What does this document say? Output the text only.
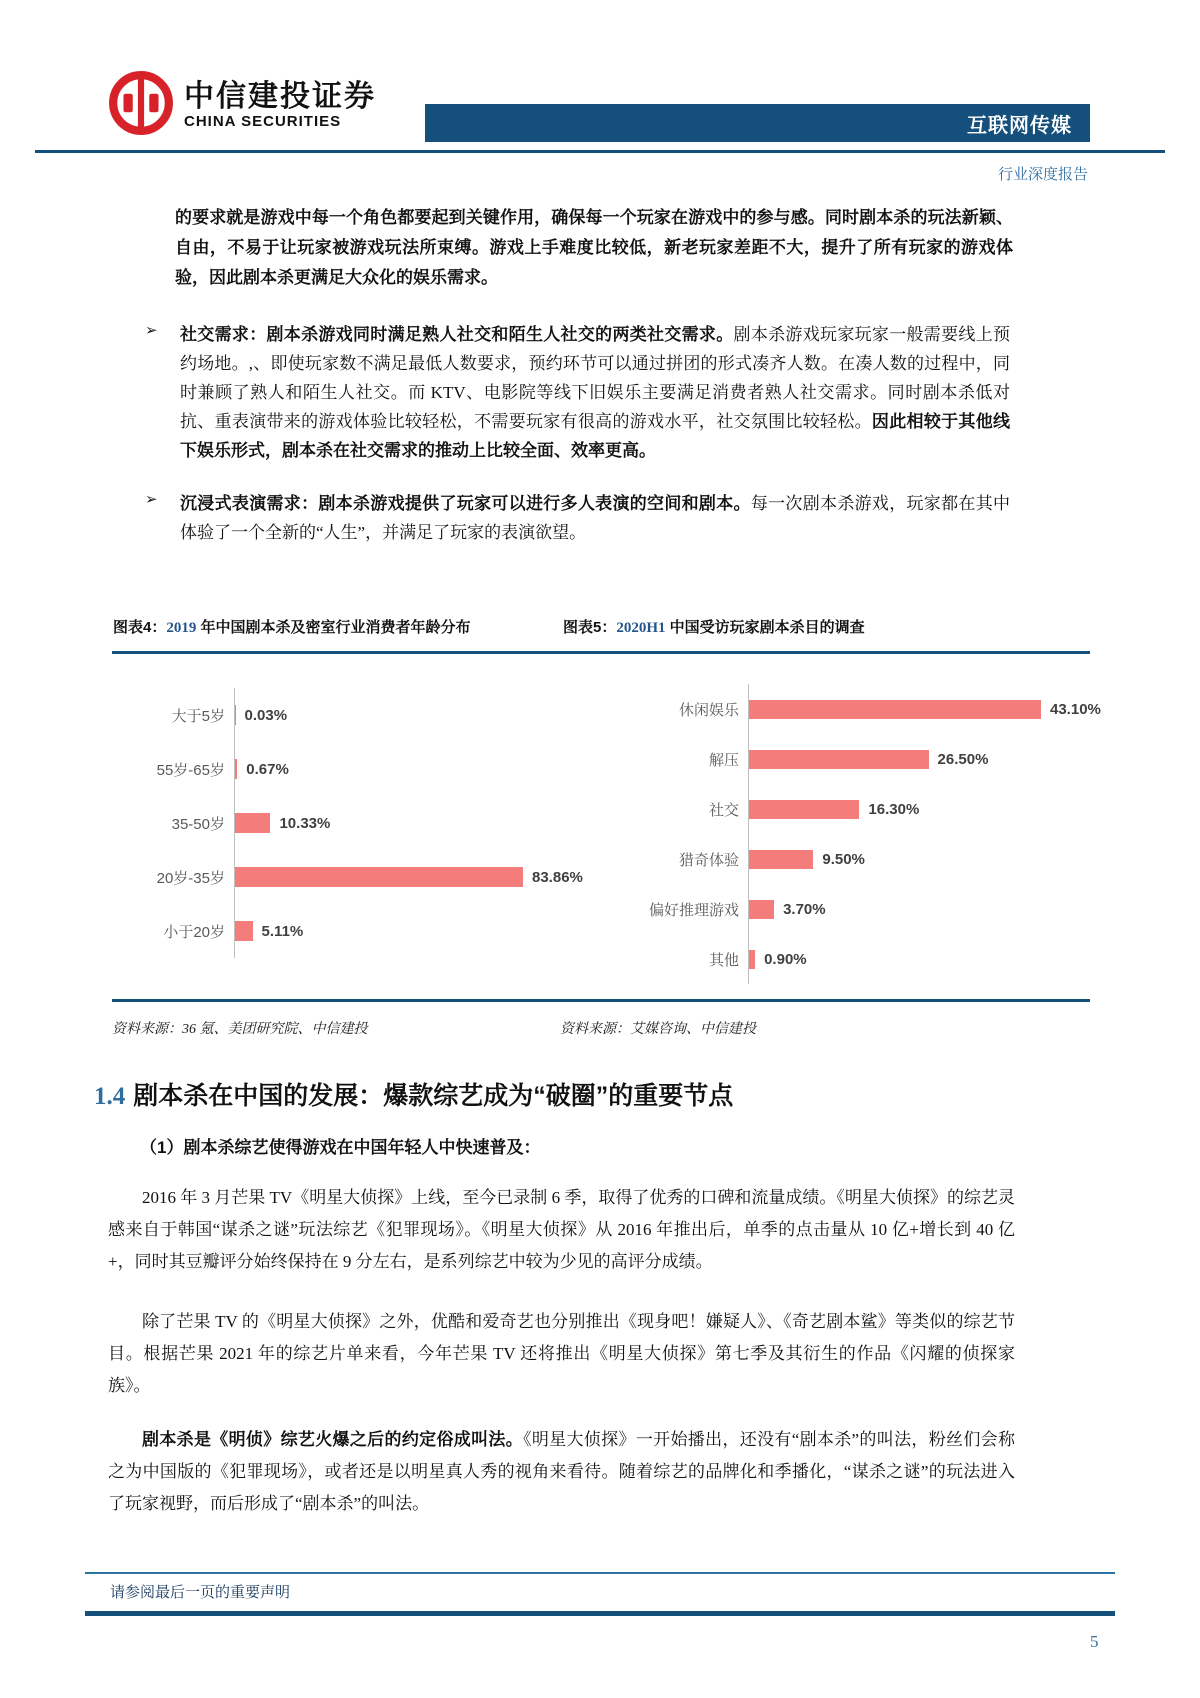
中信建投证券
CHINA SECURITIES	互联网传媒
行业深度报告
的要求就是游戏中每一个角色都要起到关键作用，确保每一个玩家在游戏中的参与感。同时剧本杀的玩法新颖、自由，不易于让玩家被游戏玩法所束缚。游戏上手难度比较低，新老玩家差距不大，提升了所有玩家的游戏体验，因此剧本杀更满足大众化的娱乐需求。
➢	社交需求：剧本杀游戏同时满足熟人社交和陌生人社交的两类社交需求。剧本杀游戏玩家玩家一般需要线上预约场地。,、即使玩家数不满足最低人数要求，预约环节可以通过拼团的形式凑齐人数。在凑人数的过程中，同时兼顾了熟人和陌生人社交。而 KTV、电影院等线下旧娱乐主要满足消费者熟人社交需求。同时剧本杀低对抗、重表演带来的游戏体验比较轻松，不需要玩家有很高的游戏水平，社交氛围比较轻松。因此相较于其他线下娱乐形式，剧本杀在社交需求的推动上比较全面、效率更高。
➢	沉浸式表演需求：剧本杀游戏提供了玩家可以进行多人表演的空间和剧本。每一次剧本杀游戏，玩家都在其中体验了一个全新的“人生”，并满足了玩家的表演欲望。
图表4：2019 年中国剧本杀及密室行业消费者年龄分布	图表5：2020H1 中国受访玩家剧本杀目的调查
大于5岁	0.03%
55岁-65岁	0.67%
35-50岁	10.33%
20岁-35岁	83.86%
小于20岁	5.11%
休闲娱乐	43.10%
解压	26.50%
社交	16.30%
猎奇体验	9.50%
偏好推理游戏	3.70%
其他	0.90%
资料来源：36 氪、美团研究院、中信建投	资料来源：艾媒咨询、中信建投
1.4 剧本杀在中国的发展：爆款综艺成为“破圈”的重要节点
（1）剧本杀综艺使得游戏在中国年轻人中快速普及：
2016 年 3 月芒果 TV《明星大侦探》上线，至今已录制 6 季，取得了优秀的口碑和流量成绩。《明星大侦探》的综艺灵感来自于韩国“谋杀之谜”玩法综艺《犯罪现场》。《明星大侦探》从 2016 年推出后，单季的点击量从 10 亿+增长到 40 亿+，同时其豆瓣评分始终保持在 9 分左右，是系列综艺中较为少见的高评分成绩。
除了芒果 TV 的《明星大侦探》之外，优酷和爱奇艺也分别推出《现身吧！嫌疑人》、《奇艺剧本鲨》等类似的综艺节目。根据芒果 2021 年的综艺片单来看，今年芒果 TV 还将推出《明星大侦探》第七季及其衍生的作品《闪耀的侦探家族》。
剧本杀是《明侦》综艺火爆之后的约定俗成叫法。《明星大侦探》一开始播出，还没有“剧本杀”的叫法，粉丝们会称之为中国版的《犯罪现场》，或者还是以明星真人秀的视角来看待。随着综艺的品牌化和季播化，“谋杀之谜”的玩法进入了玩家视野，而后形成了“剧本杀”的叫法。
请参阅最后一页的重要声明
5
